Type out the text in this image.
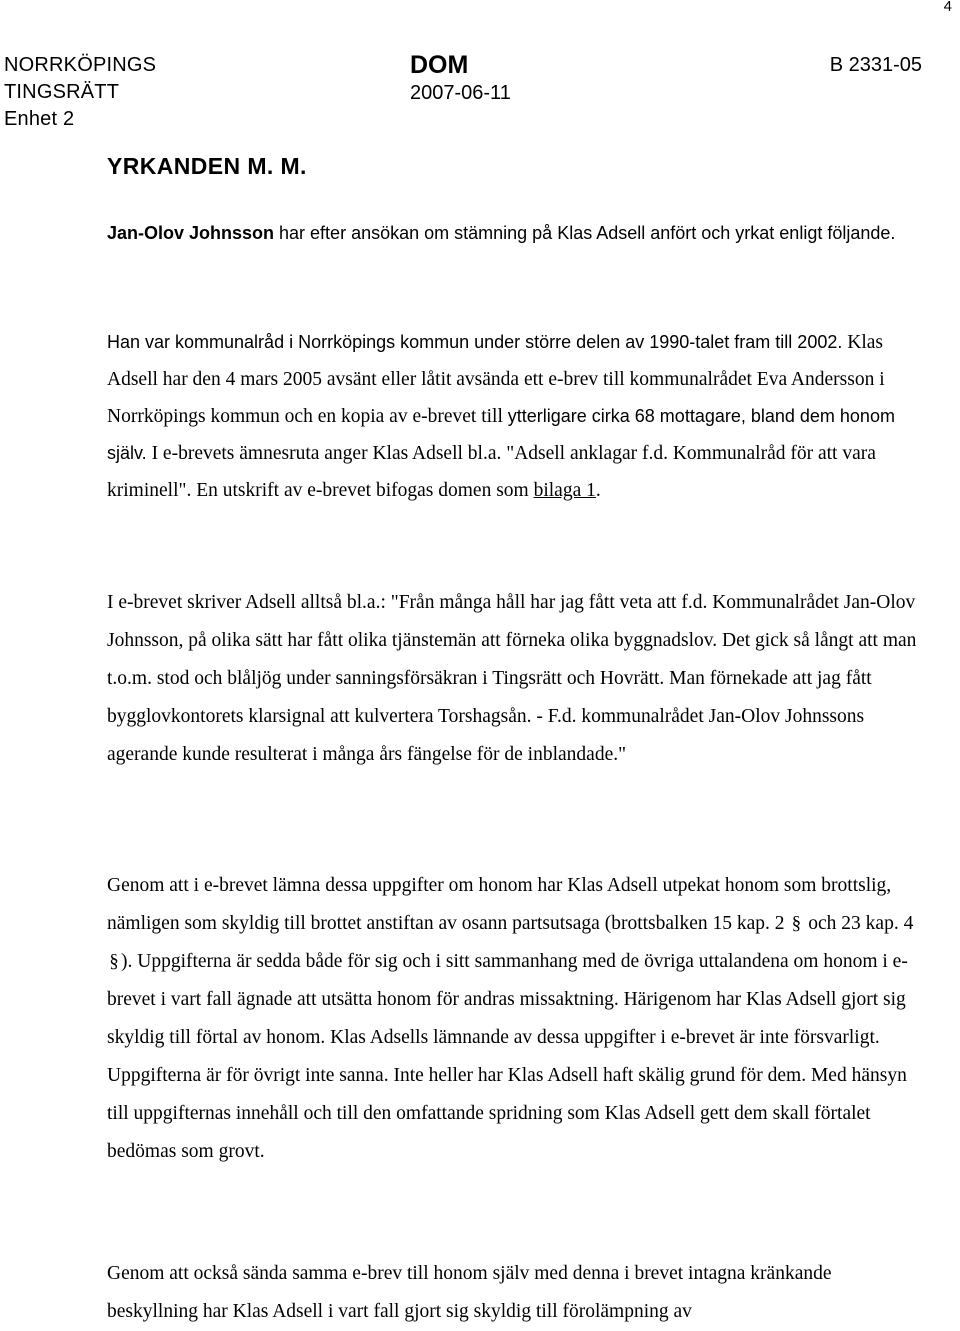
4
NORRKÖPINGS
TINGSRÄTT
Enhet 2
DOM
2007-06-11
B 2331-05
YRKANDEN M. M.

Jan-Olov Johnsson har efter ansökan om stämning på Klas Adsell anfört och yrkat enligt följande.

Han var kommunalråd i Norrköpings kommun under större delen av 1990-talet fram till 2002. Klas Adsell har den 4 mars 2005 avsänt eller låtit avsända ett e-brev till kommunalrådet Eva Andersson i Norrköpings kommun och en kopia av e-brevet till ytterligare cirka 68 mottagare, bland dem honom själv. I e-brevets ämnesruta anger Klas Adsell bl.a. "Adsell anklagar f.d. Kommunalråd för att vara kriminell". En utskrift av e-brevet bifogas domen som bilaga 1.

I e-brevet skriver Adsell alltså bl.a.: "Från många håll har jag fått veta att f.d. Kommunalrådet Jan-Olov Johnsson, på olika sätt har fått olika tjänstemän att förneka olika byggnadslov. Det gick så långt att man t.o.m. stod och blåljög under sanningsförsäkran i Tingsrätt och Hovrätt. Man förnekade att jag fått bygglovkontorets klarsignal att kulvertera Torshagsån. - F.d. kommunalrådet Jan-Olov Johnssons agerande kunde resulterat i många års fängelse för de inblandade."

Genom att i e-brevet lämna dessa uppgifter om honom har Klas Adsell utpekat honom som brottslig, nämligen som skyldig till brottet anstiftan av osann partsutsaga (brottsbalken 15 kap. 2 § och 23 kap. 4 § ). Uppgifterna är sedda både för sig och i sitt sammanhang med de övriga uttalandena om honom i e-brevet i vart fall ägnade att utsätta honom för andras missaktning. Härigenom har Klas Adsell gjort sig skyldig till förtal av honom. Klas Adsells lämnande av dessa uppgifter i e-brevet är inte försvarligt. Uppgifterna är för övrigt inte sanna. Inte heller har Klas Adsell haft skälig grund för dem. Med hänsyn till uppgifternas innehåll och till den omfattande spridning som Klas Adsell gett dem skall förtalet bedömas som grovt.

Genom att också sända samma e-brev till honom själv med denna i brevet intagna kränkande beskyllning har Klas Adsell i vart fall gjort sig skyldig till förolämpning av
